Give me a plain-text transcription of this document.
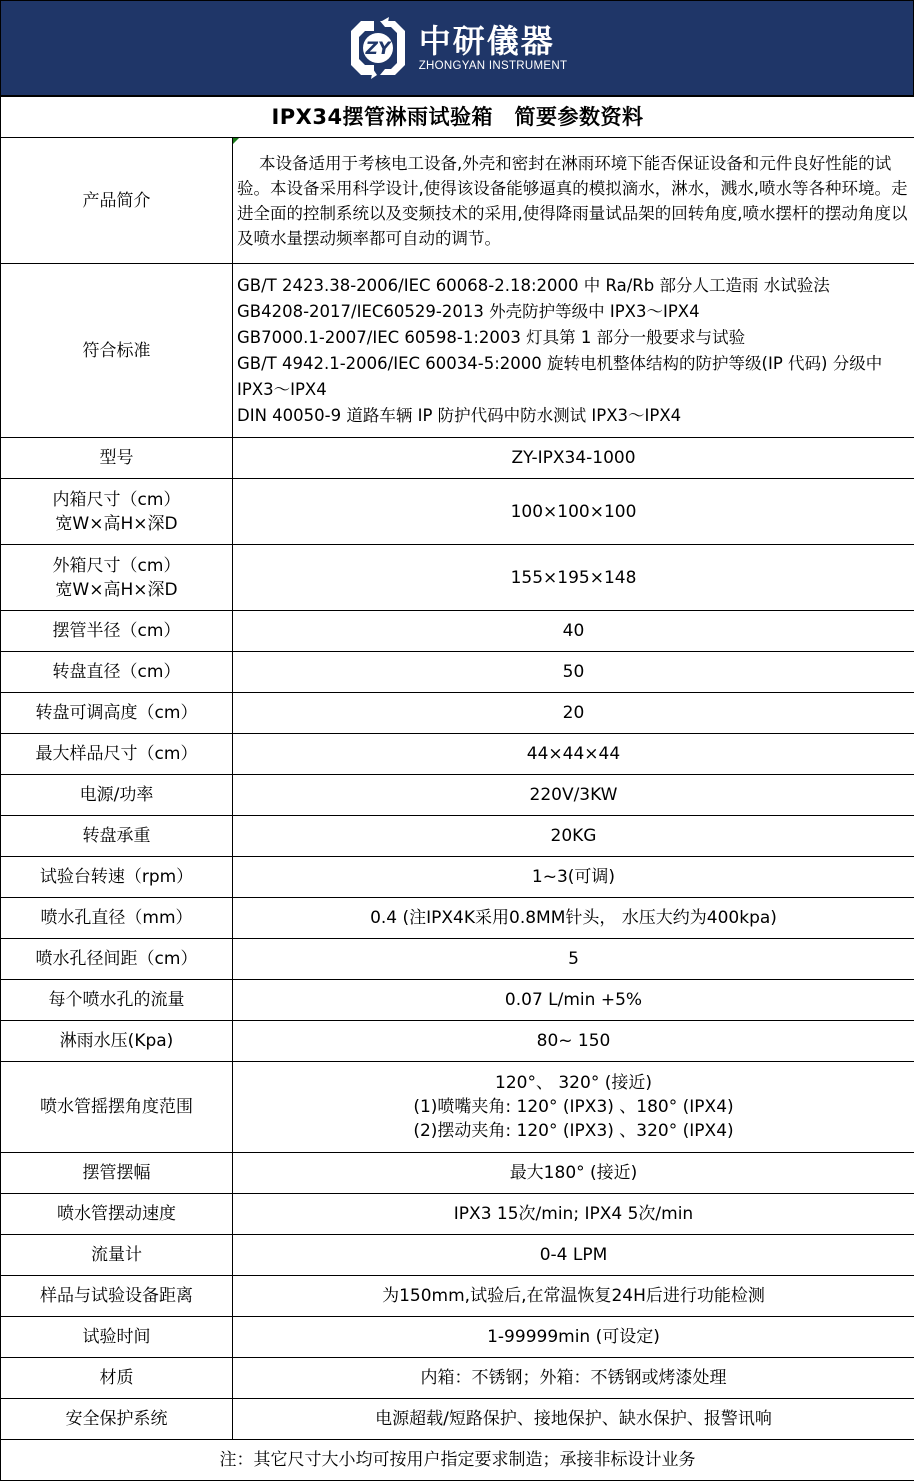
ZY 中研儀器
ZHONGYAN INSTRUMENT
IPX34摆管淋雨试验箱　简要参数资料	
产品简介	本设备适用于考核电工设备,外壳和密封在淋雨环境下能否保证设备和元件良好性能的试验。本设备采用科学设计,使得该设备能够逼真的模拟滴水，淋水，溅水,喷水等各种环境。走进全面的控制系统以及变频技术的采用,使得降雨量试品架的回转角度,喷水摆杆的摆动角度以及喷水量摆动频率都可自动的调节。
符合标准	GB/T 2423.38-2006/IEC 60068-2.18:2000 中 Ra/Rb 部分人工造雨 水试验法
GB4208-2017/IEC60529-2013 外壳防护等级中 IPX3～IPX4
GB7000.1-2007/IEC 60598-1:2003 灯具第 1 部分一般要求与试验
GB/T 4942.1-2006/IEC 60034-5:2000 旋转电机整体结构的防护等级(IP 代码) 分级中 IPX3～IPX4
DIN 40050-9 道路车辆 IP 防护代码中防水测试 IPX3～IPX4

型号	ZY-IPX34-1000

内箱尺寸（cm）
宽W×高H×深D	100×100×100

外箱尺寸（cm）
宽W×高H×深D	155×195×148
摆管半径（cm）	40
转盘直径（cm）	50
转盘可调高度（cm）	20
最大样品尺寸（cm）	44×44×44
电源/功率	220V/3KW
转盘承重	20KG
试验台转速（rpm）	1~3(可调)
喷水孔直径（mm）	0.4 (注IPX4K采用0.8MM针头， 水压大约为400kpa)
喷水孔径间距（cm）	5
每个喷水孔的流量	0.07 L/min +5%
淋雨水压(Kpa)	80~ 150
喷水管摇摆角度范围	120°、 320° (接近)
(1)喷嘴夹角: 120° (IPX3) 、180° (IPX4)
(2)摆动夹角: 120° (IPX3) 、320° (IPX4)

摆管摆幅	最大180° (接近)
喷水管摆动速度	IPX3 15次/min; IPX4 5次/min
流量计	0-4 LPM
样品与试验设备距离	为150mm,试验后,在常温恢复24H后进行功能检测
试验时间	1-99999min (可设定)
材质	内箱：不锈钢；外箱：不锈钢或烤漆处理
安全保护系统	电源超载/短路保护、接地保护、缺水保护、报警讯响
注：其它尺寸大小均可按用户指定要求制造；承接非标设计业务	
